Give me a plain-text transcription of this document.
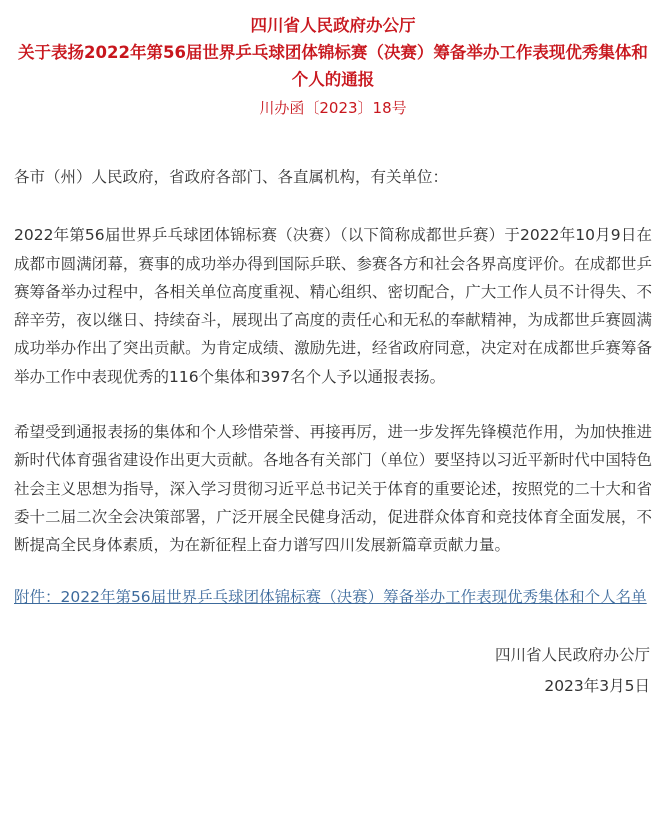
四川省人民政府办公厅
关于表扬2022年第56届世界乒乓球团体锦标赛（决赛）筹备举办工作表现优秀集体和个人的通报
川办函〔2023〕18号

各市（州）人民政府，省政府各部门、各直属机构，有关单位：

2022年第56届世界乒乓球团体锦标赛（决赛）（以下简称成都世乒赛）于2022年10月9日在成都市圆满闭幕，赛事的成功举办得到国际乒联、参赛各方和社会各界高度评价。在成都世乒赛筹备举办过程中，各相关单位高度重视、精心组织、密切配合，广大工作人员不计得失、不辞辛劳，夜以继日、持续奋斗，展现出了高度的责任心和无私的奉献精神，为成都世乒赛圆满成功举办作出了突出贡献。为肯定成绩、激励先进，经省政府同意，决定对在成都世乒赛筹备举办工作中表现优秀的116个集体和397名个人予以通报表扬。

希望受到通报表扬的集体和个人珍惜荣誉、再接再厉，进一步发挥先锋模范作用，为加快推进新时代体育强省建设作出更大贡献。各地各有关部门（单位）要坚持以习近平新时代中国特色社会主义思想为指导，深入学习贯彻习近平总书记关于体育的重要论述，按照党的二十大和省委十二届二次全会决策部署，广泛开展全民健身活动，促进群众体育和竞技体育全面发展，不断提高全民身体素质，为在新征程上奋力谱写四川发展新篇章贡献力量。

附件：2022年第56届世界乒乓球团体锦标赛（决赛）筹备举办工作表现优秀集体和个人名单
四川省人民政府办公厅
2023年3月5日
